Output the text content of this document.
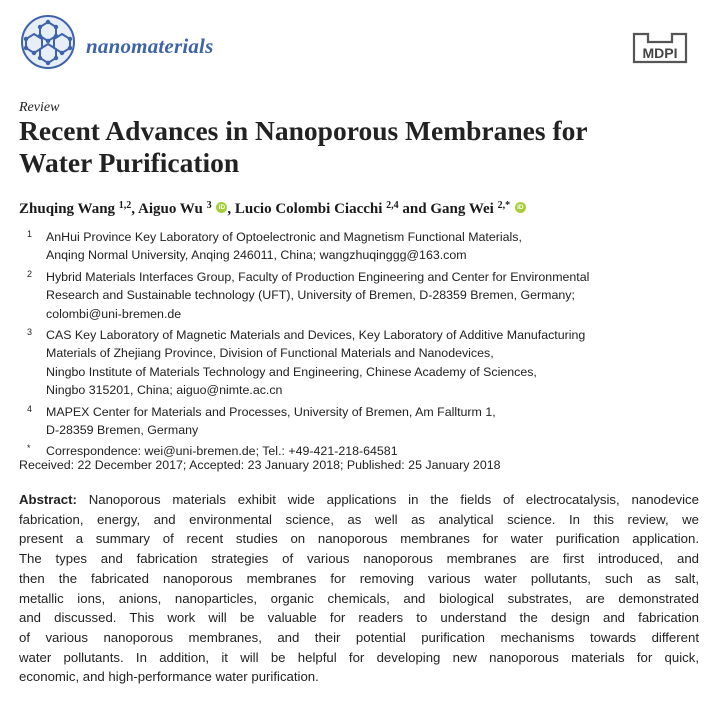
nanomaterials	MDPI
Review
Recent Advances in Nanoporous Membranes for
Water Purification
Zhuqing Wang $^{1,2}$, Aiguo Wu $^3$ iD , Lucio Colombi Ciacchi $^{2,4}$ and Gang Wei $^{2,*}$ iD
1	AnHui Province Key Laboratory of Optoelectronic and Magnetism Functional Materials,
Anqing Normal University, Anqing 246011, China; wangzhuqinggg@163.com
2	Hybrid Materials Interfaces Group, Faculty of Production Engineering and Center for Environmental
Research and Sustainable technology (UFT), University of Bremen, D-28359 Bremen, Germany;
colombi@uni-bremen.de
3	CAS Key Laboratory of Magnetic Materials and Devices, Key Laboratory of Additive Manufacturing
Materials of Zhejiang Province, Division of Functional Materials and Nanodevices,
Ningbo Institute of Materials Technology and Engineering, Chinese Academy of Sciences,
Ningbo 315201, China; aiguo@nimte.ac.cn
4	MAPEX Center for Materials and Processes, University of Bremen, Am Fallturm 1,
D-28359 Bremen, Germany
*	Correspondence: wei@uni-bremen.de; Tel.: +49-421-218-64581
Received: 22 December 2017; Accepted: 23 January 2018; Published: 25 January 2018
Abstract: Nanoporous materials exhibit wide applications in the fields of electrocatalysis, nanodevice
fabrication, energy, and environmental science, as well as analytical science. In this review, we
present a summary of recent studies on nanoporous membranes for water purification application.
The types and fabrication strategies of various nanoporous membranes are first introduced, and
then the fabricated nanoporous membranes for removing various water pollutants, such as salt,
metallic ions, anions, nanoparticles, organic chemicals, and biological substrates, are demonstrated
and discussed. This work will be valuable for readers to understand the design and fabrication
of various nanoporous membranes, and their potential purification mechanisms towards different
water pollutants. In addition, it will be helpful for developing new nanoporous materials for quick,
economic, and high-performance water purification.
